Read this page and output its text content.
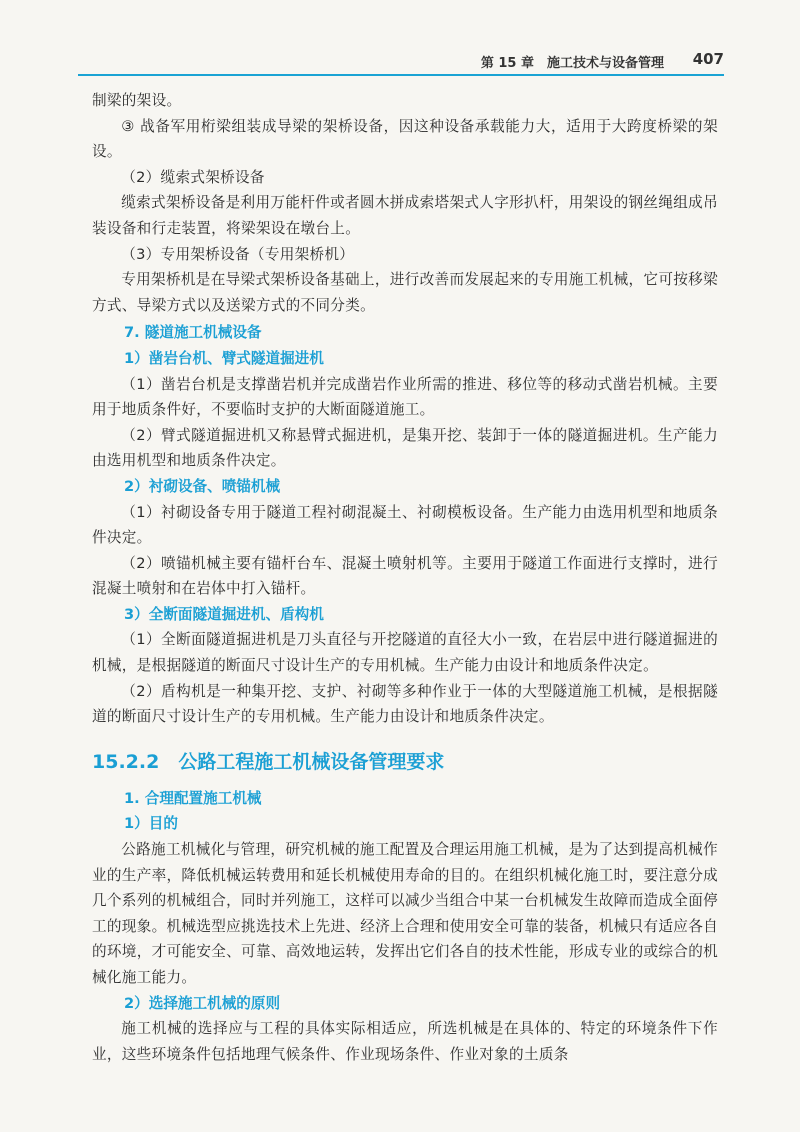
第 15 章　施工技术与设备管理 407

制梁的架设。

③ 战备军用桁梁组装成导梁的架桥设备，因这种设备承载能力大，适用于大跨度桥梁的架设。

（2）缆索式架桥设备

缆索式架桥设备是利用万能杆件或者圆木拼成索塔架式人字形扒杆，用架设的钢丝绳组成吊装设备和行走装置，将梁架设在墩台上。

（3）专用架桥设备（专用架桥机）

专用架桥机是在导梁式架桥设备基础上，进行改善而发展起来的专用施工机械，它可按移梁方式、导梁方式以及送梁方式的不同分类。

7. 隧道施工机械设备
1）凿岩台机、臂式隧道掘进机

（1）凿岩台机是支撑凿岩机并完成凿岩作业所需的推进、移位等的移动式凿岩机械。主要用于地质条件好，不要临时支护的大断面隧道施工。

（2）臂式隧道掘进机又称悬臂式掘进机，是集开挖、装卸于一体的隧道掘进机。生产能力由选用机型和地质条件决定。

2）衬砌设备、喷锚机械

（1）衬砌设备专用于隧道工程衬砌混凝土、衬砌模板设备。生产能力由选用机型和地质条件决定。

（2）喷锚机械主要有锚杆台车、混凝土喷射机等。主要用于隧道工作面进行支撑时，进行混凝土喷射和在岩体中打入锚杆。

3）全断面隧道掘进机、盾构机

（1）全断面隧道掘进机是刀头直径与开挖隧道的直径大小一致，在岩层中进行隧道掘进的机械，是根据隧道的断面尺寸设计生产的专用机械。生产能力由设计和地质条件决定。

（2）盾构机是一种集开挖、支护、衬砌等多种作业于一体的大型隧道施工机械，是根据隧道的断面尺寸设计生产的专用机械。生产能力由设计和地质条件决定。

15.2.2　公路工程施工机械设备管理要求
1. 合理配置施工机械
1）目的

公路施工机械化与管理，研究机械的施工配置及合理运用施工机械，是为了达到提高机械作业的生产率，降低机械运转费用和延长机械使用寿命的目的。在组织机械化施工时，要注意分成几个系列的机械组合，同时并列施工，这样可以减少当组合中某一台机械发生故障而造成全面停工的现象。机械选型应挑选技术上先进、经济上合理和使用安全可靠的装备，机械只有适应各自的环境，才可能安全、可靠、高效地运转，发挥出它们各自的技术性能，形成专业的或综合的机械化施工能力。

2）选择施工机械的原则

施工机械的选择应与工程的具体实际相适应，所选机械是在具体的、特定的环境条件下作业，这些环境条件包括地理气候条件、作业现场条件、作业对象的土质条
